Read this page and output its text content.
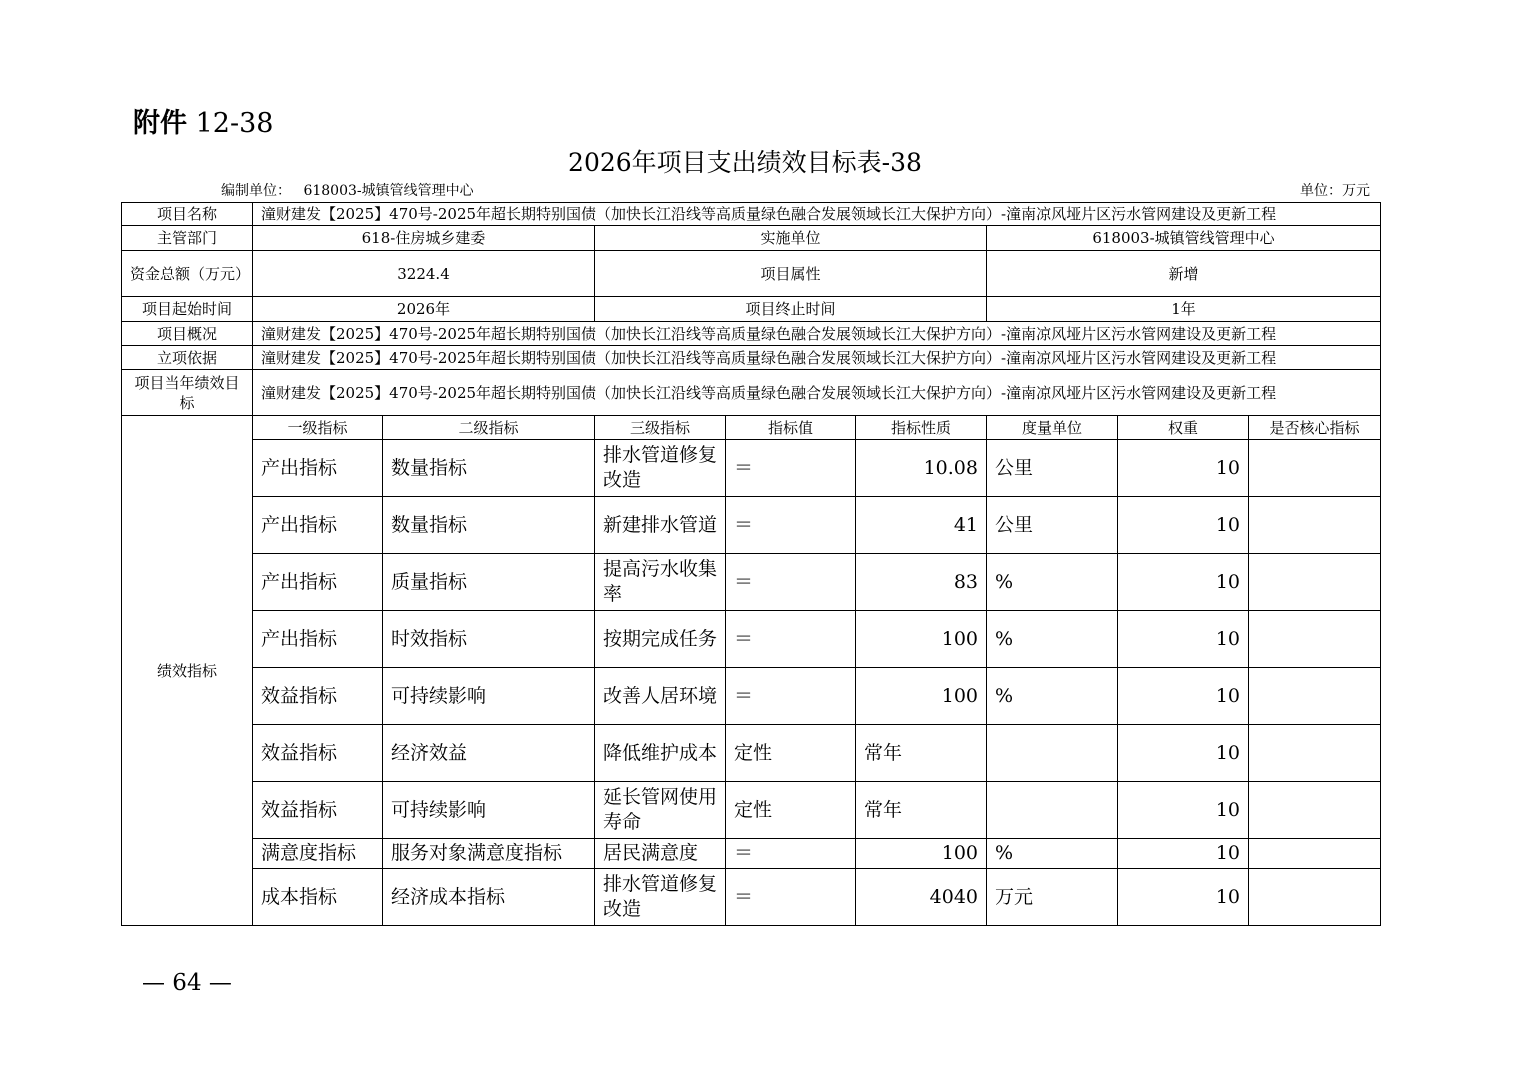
附件 12-38
2026年项目支出绩效目标表-38
编制单位： 618003-城镇管线管理中心	单位：万元
项目名称	潼财建发【2025】470号-2025年超长期特别国债（加快长江沿线等高质量绿色融合发展领域长江大保护方向）-潼南凉风垭片区污水管网建设及更新工程							
主管部门	618-住房城乡建委		实施单位			618003-城镇管线管理中心		
资金总额（万元）	3224.4		项目属性			新增		
项目起始时间	2026年		项目终止时间			1年		
项目概况	潼财建发【2025】470号-2025年超长期特别国债（加快长江沿线等高质量绿色融合发展领域长江大保护方向）-潼南凉风垭片区污水管网建设及更新工程							
立项依据	潼财建发【2025】470号-2025年超长期特别国债（加快长江沿线等高质量绿色融合发展领域长江大保护方向）-潼南凉风垭片区污水管网建设及更新工程							
项目当年绩效目标	潼财建发【2025】470号-2025年超长期特别国债（加快长江沿线等高质量绿色融合发展领域长江大保护方向）-潼南凉风垭片区污水管网建设及更新工程							
绩效指标	一级指标	二级指标	三级指标	指标值	指标性质	度量单位	权重	是否核心指标
	产出指标	数量指标	排水管道修复改造	＝	10.08	公里	10	
	产出指标	数量指标	新建排水管道	＝	41	公里	10	
	产出指标	质量指标	提高污水收集率	＝	83	%	10	
	产出指标	时效指标	按期完成任务	＝	100	%	10	
	效益指标	可持续影响	改善人居环境	＝	100	%	10	
	效益指标	经济效益	降低维护成本	定性	常年		10	
	效益指标	可持续影响	延长管网使用寿命	定性	常年		10	
	满意度指标	服务对象满意度指标	居民满意度	＝	100	%	10	
	成本指标	经济成本指标	排水管道修复改造	＝	4040	万元	10	
— 64 —
